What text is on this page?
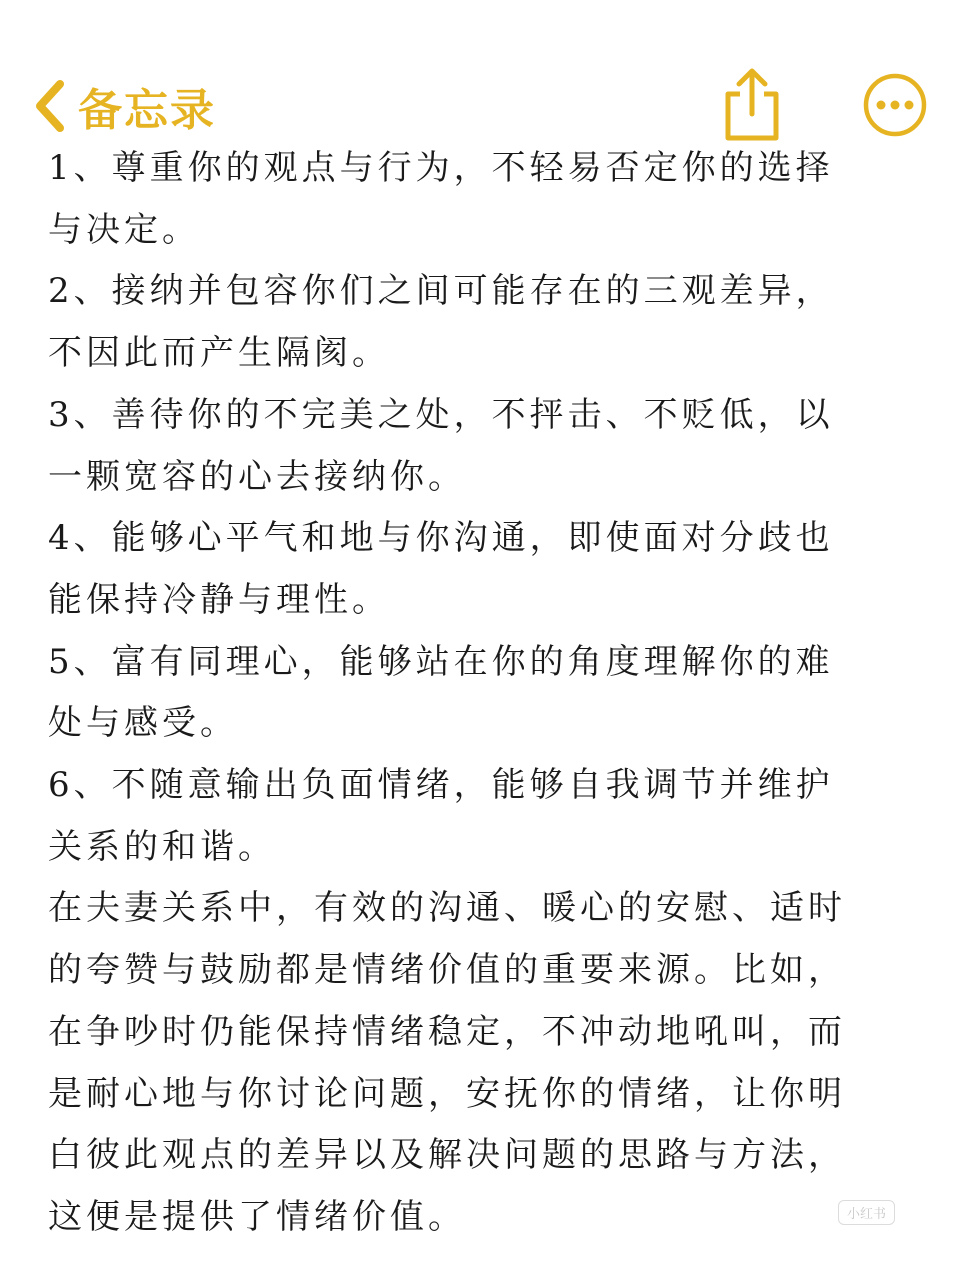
备忘录

1、尊重你的观点与行为，不轻易否定你的选择

与决定。

2、接纳并包容你们之间可能存在的三观差异，

不因此而产生隔阂。

3、善待你的不完美之处，不抨击、不贬低，以

一颗宽容的心去接纳你。

4、能够心平气和地与你沟通，即使面对分歧也

能保持冷静与理性。

5、富有同理心，能够站在你的角度理解你的难

处与感受。

6、不随意输出负面情绪，能够自我调节并维护

关系的和谐。

在夫妻关系中，有效的沟通、暖心的安慰、适时

的夸赞与鼓励都是情绪价值的重要来源。比如，

在争吵时仍能保持情绪稳定，不冲动地吼叫，而

是耐心地与你讨论问题，安抚你的情绪，让你明

白彼此观点的差异以及解决问题的思路与方法，

这便是提供了情绪价值。	小红书
